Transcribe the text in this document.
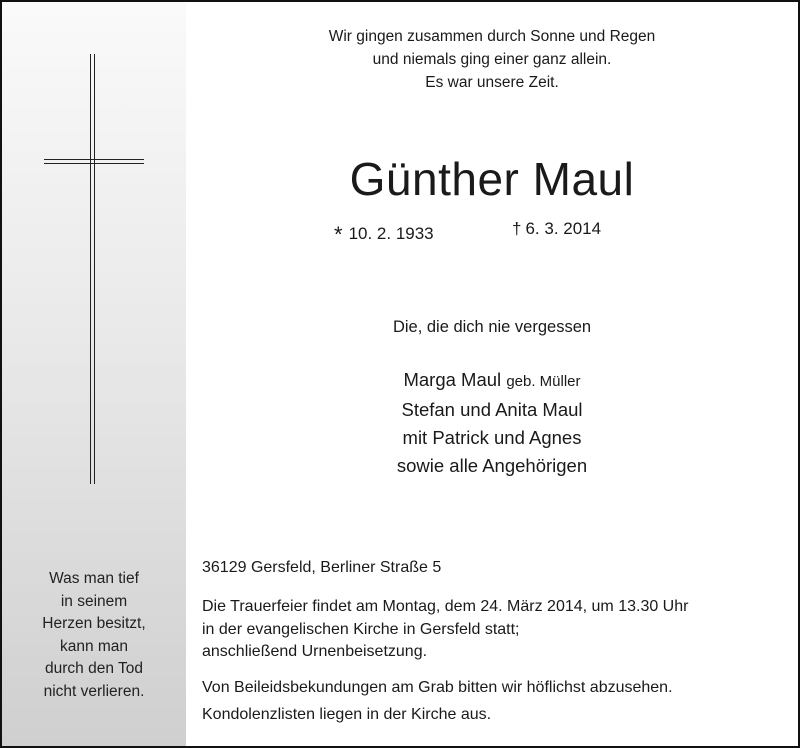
Was man tief
in seinem
Herzen besitzt,
kann man
durch den Tod
nicht verlieren.
Wir gingen zusammen durch Sonne und Regen
und niemals ging einer ganz allein.
Es war unsere Zeit.
Günther Maul
* 10. 2. 1933	† 6. 3. 2014
Die, die dich nie vergessen
Marga Maul geb. Müller
Stefan und Anita Maul
mit Patrick und Agnes
sowie alle Angehörigen
36129 Gersfeld, Berliner Straße 5
Die Trauerfeier findet am Montag, dem 24. März 2014, um 13.30 Uhr
in der evangelischen Kirche in Gersfeld statt;
anschließend Urnenbeisetzung.
Von Beileidsbekundungen am Grab bitten wir höflichst abzusehen.
Kondolenzlisten liegen in der Kirche aus.
